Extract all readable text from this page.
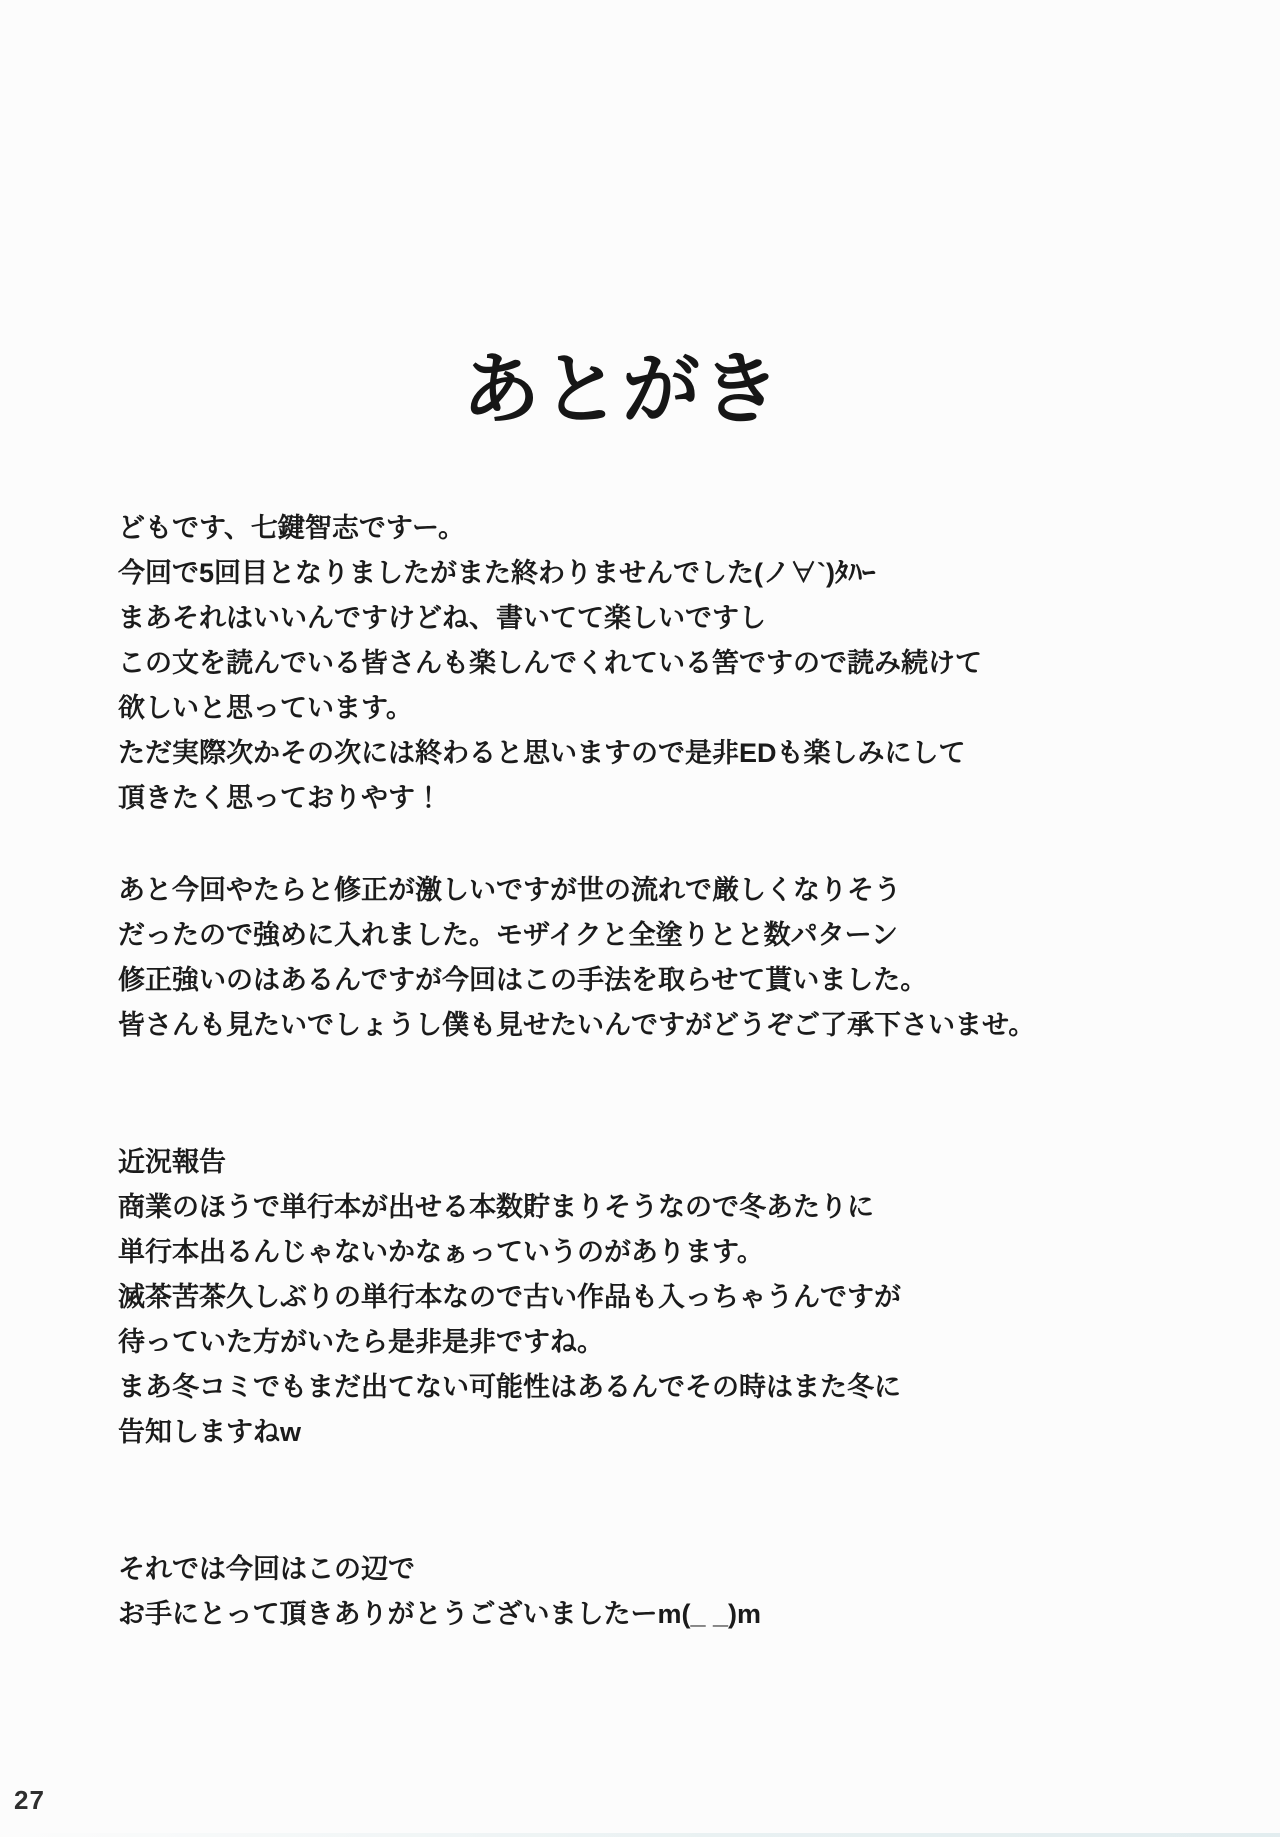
あとがき
どもです、七鍵智志ですー。
今回で5回目となりましたがまた終わりませんでした(ノ∀`)ﾀﾊｰ
まあそれはいいんですけどね、書いてて楽しいですし
この文を読んでいる皆さんも楽しんでくれている筈ですので読み続けて
欲しいと思っています。
ただ実際次かその次には終わると思いますので是非EDも楽しみにして
頂きたく思っておりやす！
あと今回やたらと修正が激しいですが世の流れで厳しくなりそう
だったので強めに入れました。モザイクと全塗りとと数パターン
修正強いのはあるんですが今回はこの手法を取らせて貰いました。
皆さんも見たいでしょうし僕も見せたいんですがどうぞご了承下さいませ。
近況報告
商業のほうで単行本が出せる本数貯まりそうなので冬あたりに
単行本出るんじゃないかなぁっていうのがあります。
滅茶苦茶久しぶりの単行本なので古い作品も入っちゃうんですが
待っていた方がいたら是非是非ですね。
まあ冬コミでもまだ出てない可能性はあるんでその時はまた冬に
告知しますねw
それでは今回はこの辺で
お手にとって頂きありがとうございましたーm(_ _)m
27
